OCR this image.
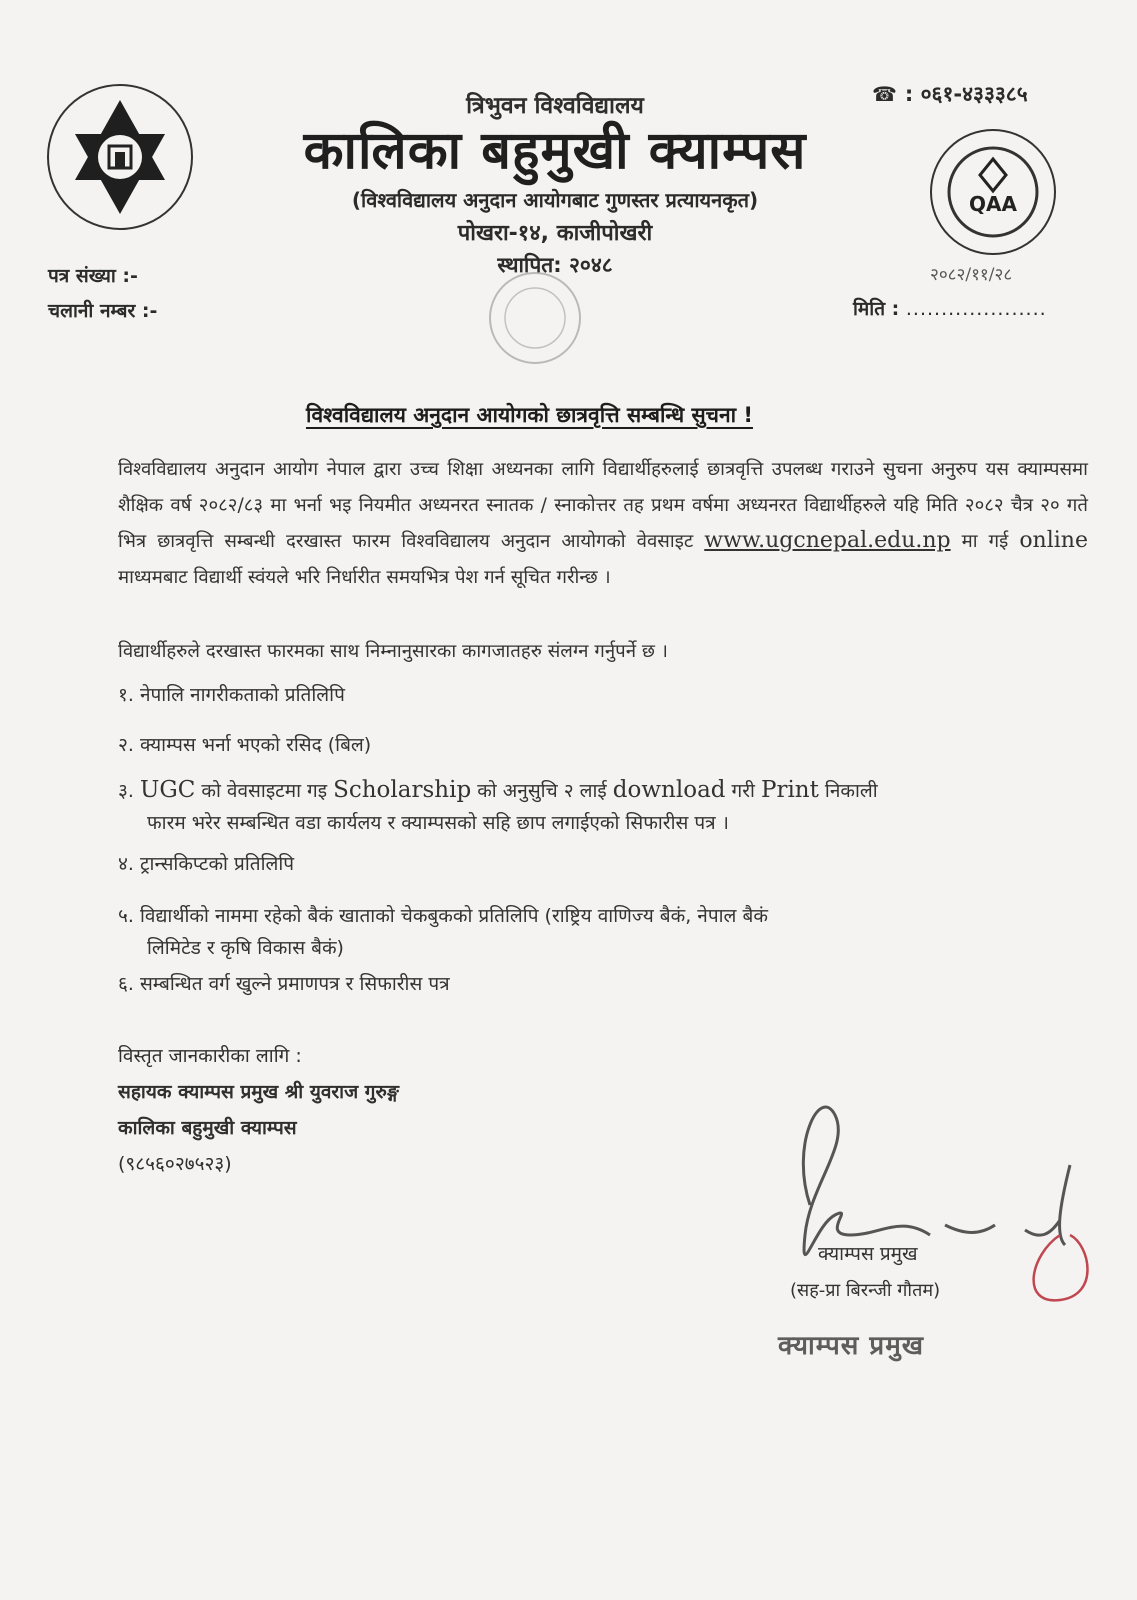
QAA
☎ : ०६१-४३३३८५

त्रिभुवन विश्वविद्यालय

कालिका बहुमुखी क्याम्पस

(विश्वविद्यालय अनुदान आयोगबाट गुणस्तर प्रत्यायनकृत)
पोखरा-१४, काजीपोखरी
स्थापित: २०४८
पत्र संख्या :-
चलानी नम्बर :-
२०८२/११/२८
मिति : ....................
विश्वविद्यालय अनुदान आयोगको छात्रवृत्ति सम्बन्धि सुचना !
विश्वविद्यालय अनुदान आयोग नेपाल द्वारा उच्च शिक्षा अध्यनका लागि विद्यार्थीहरुलाई छात्रवृत्ति उपलब्ध गराउने सुचना अनुरुप यस क्याम्पसमा शैक्षिक वर्ष २०८२/८३ मा भर्ना भइ नियमीत अध्यनरत स्नातक / स्नाकोत्तर तह प्रथम वर्षमा अध्यनरत विद्यार्थीहरुले यहि मिति २०८२ चैत्र २० गते भित्र छात्रवृत्ति सम्बन्धी दरखास्त फारम विश्वविद्यालय अनुदान आयोगको वेवसाइट www.ugcnepal.edu.np मा गई online माध्यमबाट विद्यार्थी स्वंयले भरि निर्धारीत समयभित्र पेश गर्न सूचित गरीन्छ ।
विद्यार्थीहरुले दरखास्त फारमका साथ निम्नानुसारका कागजातहरु संलग्न गर्नुपर्ने छ ।
१. नेपालि नागरीकताको प्रतिलिपि
२. क्याम्पस भर्ना भएको रसिद (बिल)
३. UGC को वेवसाइटमा गइ Scholarship को अनुसुचि २ लाई download गरी Print निकाली
फारम भरेर सम्बन्धित वडा कार्यलय र क्याम्पसको सहि छाप लगाईएको सिफारीस पत्र ।
४. ट्रान्सकिप्टको प्रतिलिपि
५. विद्यार्थीको नाममा रहेको बैकं खाताको चेकबुकको प्रतिलिपि (राष्ट्रिय वाणिज्य बैकं, नेपाल बैकं
लिमिटेड र कृषि विकास बैकं)
६. सम्बन्धित वर्ग खुल्ने प्रमाणपत्र र सिफारीस पत्र
विस्तृत जानकारीका लागि :
सहायक क्याम्पस प्रमुख श्री युवराज गुरुङ्ग
कालिका बहुमुखी क्याम्पस
(९८५६०२७५२३)
क्याम्पस प्रमुख
(सह-प्रा बिरन्जी गौतम)
क्याम्पस प्रमुख
